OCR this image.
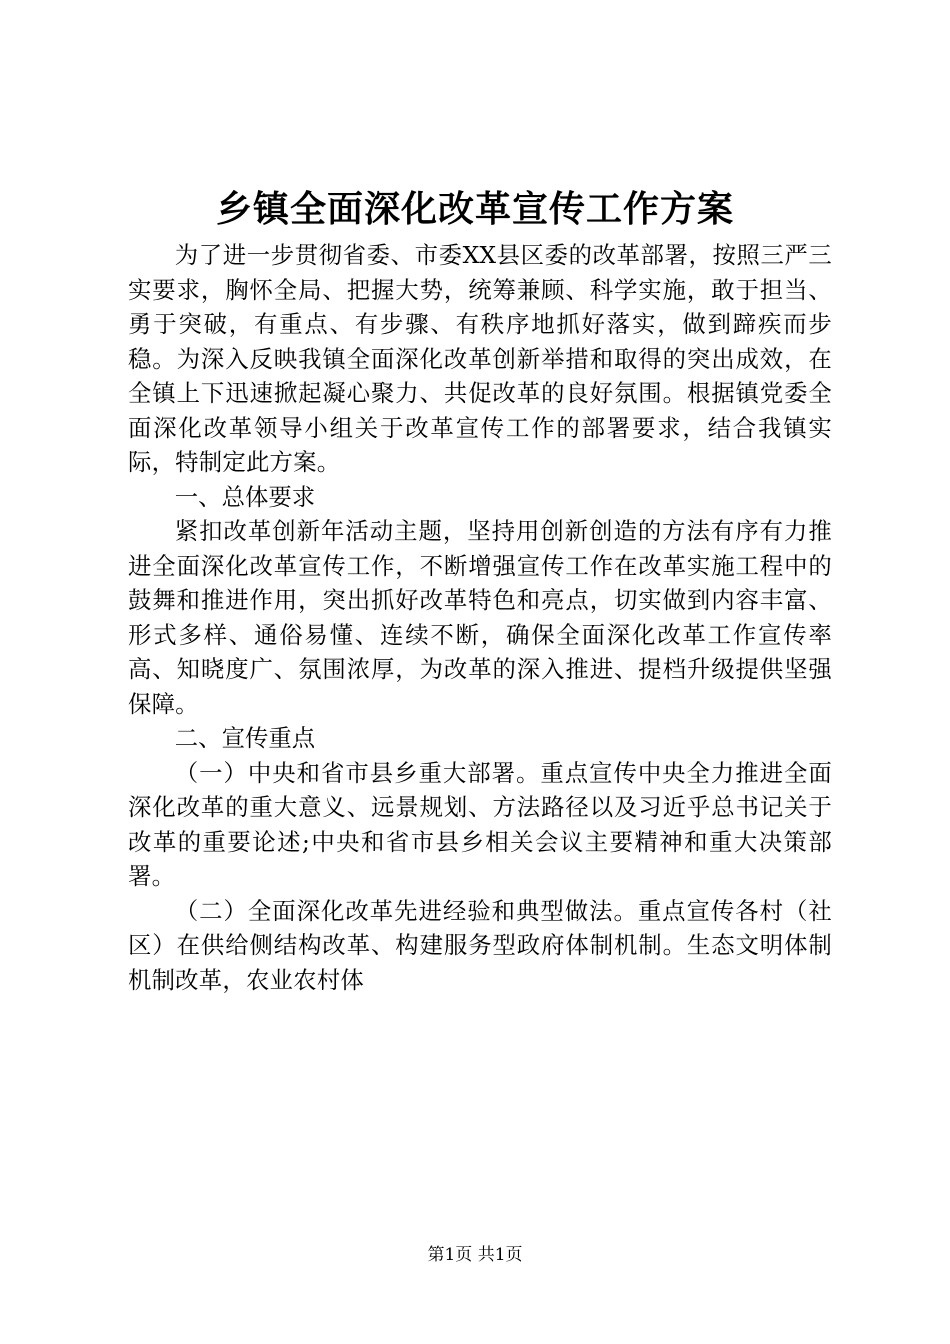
乡镇全面深化改革宣传工作方案

为了进一步贯彻省委、市委XX县区委的改革部署，按照三严三实要求，胸怀全局、把握大势，统筹兼顾、科学实施，敢于担当、勇于突破，有重点、有步骤、有秩序地抓好落实，做到蹄疾而步稳。为深入反映我镇全面深化改革创新举措和取得的突出成效，在全镇上下迅速掀起凝心聚力、共促改革的良好氛围。根据镇党委全面深化改革领导小组关于改革宣传工作的部署要求，结合我镇实际，特制定此方案。

一、总体要求

紧扣改革创新年活动主题，坚持用创新创造的方法有序有力推进全面深化改革宣传工作，不断增强宣传工作在改革实施工程中的鼓舞和推进作用，突出抓好改革特色和亮点，切实做到内容丰富、形式多样、通俗易懂、连续不断，确保全面深化改革工作宣传率高、知晓度广、氛围浓厚，为改革的深入推进、提档升级提供坚强保障。

二、宣传重点

（一）中央和省市县乡重大部署。重点宣传中央全力推进全面深化改革的重大意义、远景规划、方法路径以及习近乎总书记关于改革的重要论述;中央和省市县乡相关会议主要精神和重大决策部署。

（二）全面深化改革先进经验和典型做法。重点宣传各村（社区）在供给侧结构改革、构建服务型政府体制机制。生态文明体制机制改革，农业农村体

第1页 共1页
